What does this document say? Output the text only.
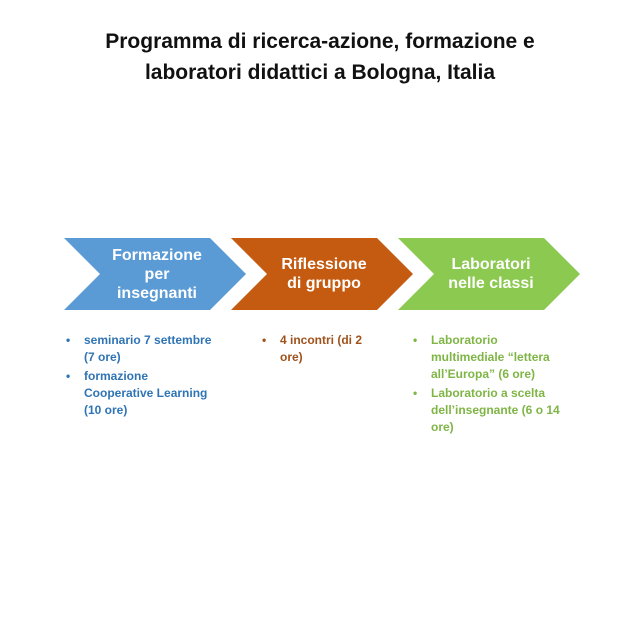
Programma di ricerca-azione, formazione e
laboratori didattici a Bologna, Italia
Formazione
per
insegnanti
Riflessione
di gruppo
Laboratori
nelle classi
• seminario 7 settembre
(7 ore)
• formazione
Cooperative Learning
(10 ore)
• 4 incontri (di 2
ore)
• Laboratorio
multimediale “lettera
all’Europa” (6 ore)
• Laboratorio a scelta
dell’insegnante (6 o 14
ore)
